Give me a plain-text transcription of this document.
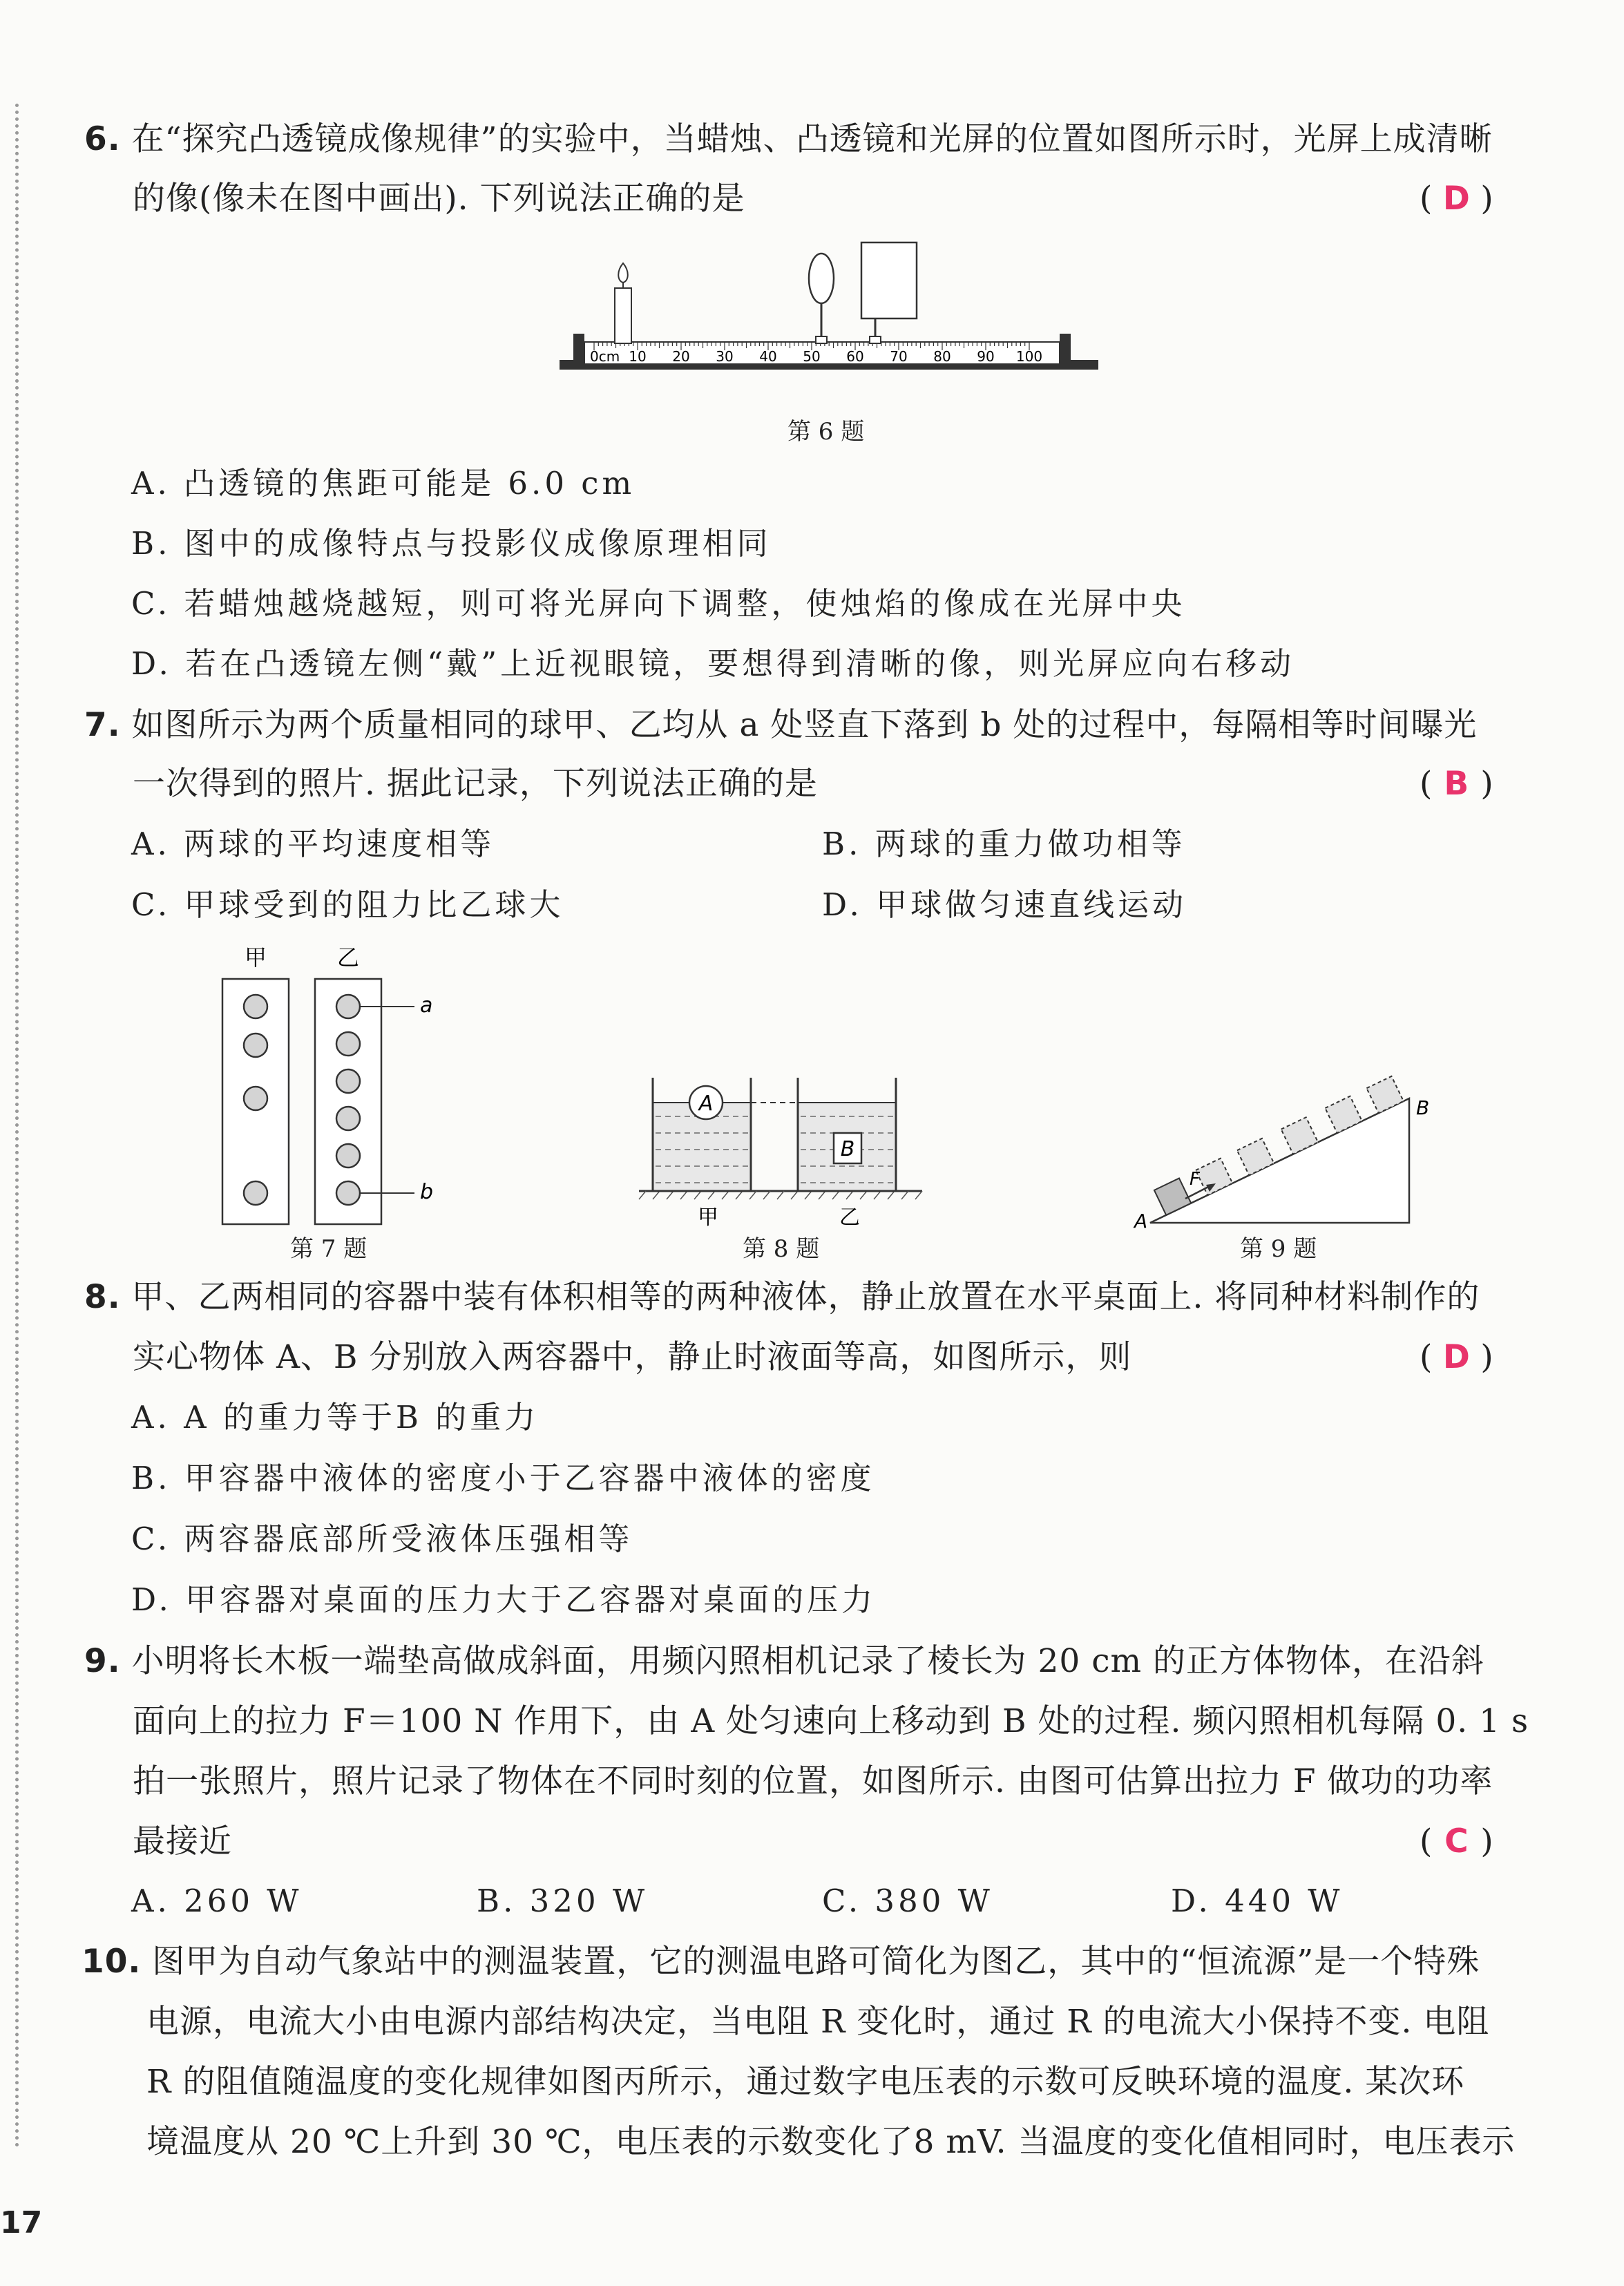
6. 在“探究凸透镜成像规律”的实验中，当蜡烛、凸透镜和光屏的位置如图所示时，光屏上成清晰
的像(像未在图中画出). 下列说法正确的是	( D )
0cm 10 20 30 40 50 60 70 80 90 100
第 6 题
A. 凸透镜的焦距可能是 6.0 cm
B. 图中的成像特点与投影仪成像原理相同
C. 若蜡烛越烧越短，则可将光屏向下调整，使烛焰的像成在光屏中央
D. 若在凸透镜左侧“戴”上近视眼镜，要想得到清晰的像，则光屏应向右移动
7. 如图所示为两个质量相同的球甲、乙均从 a 处竖直下落到 b 处的过程中，每隔相等时间曝光
一次得到的照片. 据此记录，下列说法正确的是	( B )
A. 两球的平均速度相等	B. 两球的重力做功相等
C. 甲球受到的阻力比乙球大	D. 甲球做匀速直线运动
甲	乙
a
b
第 7 题
A
B
甲	乙
第 8 题
F
A
B
第 9 题
8. 甲、乙两相同的容器中装有体积相等的两种液体，静止放置在水平桌面上. 将同种材料制作的
实心物体 A、B 分别放入两容器中，静止时液面等高，如图所示，则	( D )
A. A 的重力等于B 的重力
B. 甲容器中液体的密度小于乙容器中液体的密度
C. 两容器底部所受液体压强相等
D. 甲容器对桌面的压力大于乙容器对桌面的压力
9. 小明将长木板一端垫高做成斜面，用频闪照相机记录了棱长为 20 cm 的正方体物体，在沿斜
面向上的拉力 F＝100 N 作用下，由 A 处匀速向上移动到 B 处的过程. 频闪照相机每隔 0. 1 s
拍一张照片，照片记录了物体在不同时刻的位置，如图所示. 由图可估算出拉力 F 做功的功率
最接近	( C )
A. 260 W	B. 320 W	C. 380 W	D. 440 W
10. 图甲为自动气象站中的测温装置，它的测温电路可简化为图乙，其中的“恒流源”是一个特殊
电源，电流大小由电源内部结构决定，当电阻 R 变化时，通过 R 的电流大小保持不变. 电阻
R 的阻值随温度的变化规律如图丙所示，通过数字电压表的示数可反映环境的温度. 某次环
境温度从 20 ℃上升到 30 ℃，电压表的示数变化了8 mV. 当温度的变化值相同时，电压表示
17
